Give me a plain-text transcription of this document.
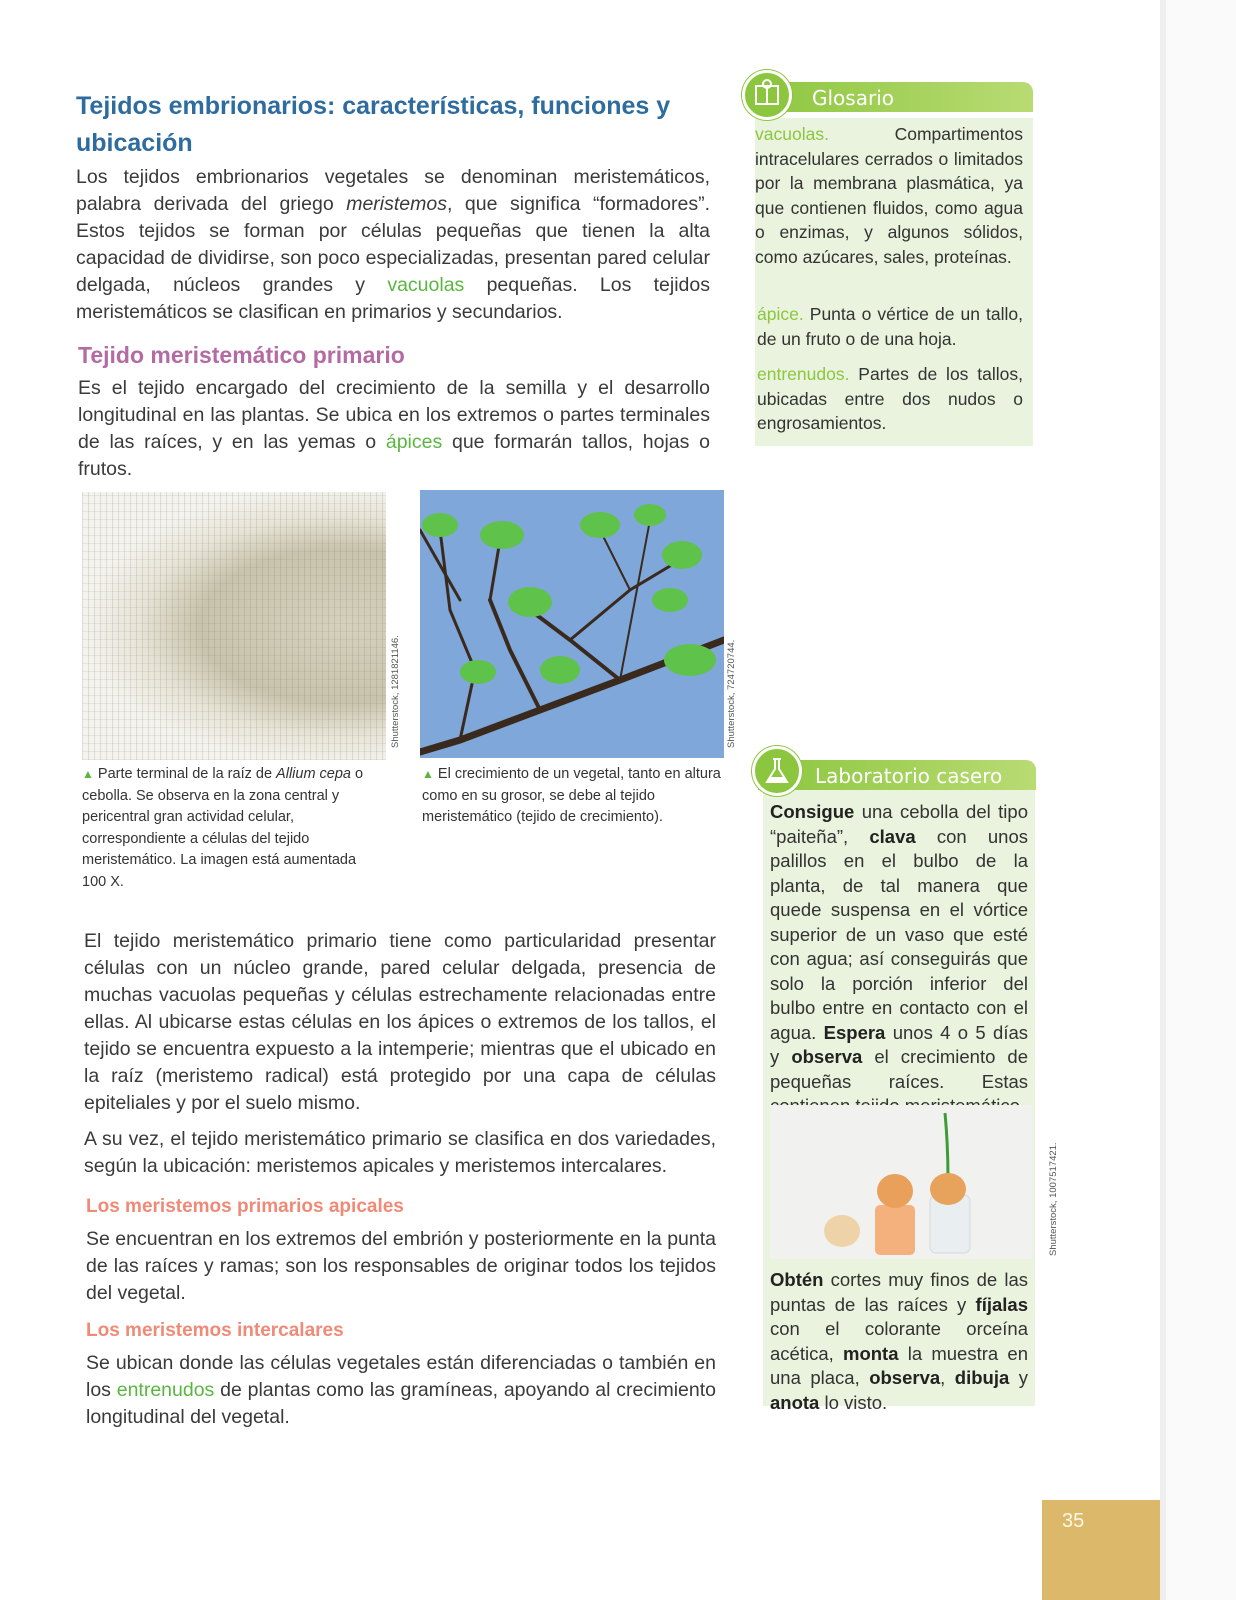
Tejidos embrionarios: características, funciones y ubicación

Los tejidos embrionarios vegetales se denominan meristemáticos, palabra derivada del griego meristemos, que significa “formadores”. Estos tejidos se forman por células pequeñas que tienen la alta capacidad de dividirse, son poco especializadas, presentan pared celular delgada, núcleos grandes y vacuolas pequeñas. Los tejidos meristemáticos se clasifican en primarios y secundarios.

Tejido meristemático primario

Es el tejido encargado del crecimiento de la semilla y el desarrollo longitudinal en las plantas. Se ubica en los extremos o partes terminales de las raíces, y en las yemas o ápices que formarán tallos, hojas o frutos.

Shutterstock, 1281821146.

▲ Parte terminal de la raíz de Allium cepa o cebolla. Se observa en la zona central y pericentral gran actividad celular, correspondiente a células del tejido meristemático. La imagen está aumentada 100 X.

Shutterstock, 724720744.

▲ El crecimiento de un vegetal, tanto en altura como en su grosor, se debe al tejido meristemático (tejido de crecimiento).

El tejido meristemático primario tiene como particularidad presentar células con un núcleo grande, pared celular delgada, presencia de muchas vacuolas pequeñas y células estrechamente relacionadas entre ellas. Al ubicarse estas células en los ápices o extremos de los tallos, el tejido se encuentra expuesto a la intemperie; mientras que el ubicado en la raíz (meristemo radical) está protegido por una capa de células epiteliales y por el suelo mismo.

A su vez, el tejido meristemático primario se clasifica en dos variedades, según la ubicación: meristemos apicales y meristemos intercalares.

Los meristemos primarios apicales

Se encuentran en los extremos del embrión y posteriormente en la punta de las raíces y ramas; son los responsables de originar todos los tejidos del vegetal.

Los meristemos intercalares

Se ubican donde las células vegetales están diferenciadas o también en los entrenudos de plantas como las gramíneas, apoyando al crecimiento longitudinal del vegetal.

Glosario

vacuolas. Compartimentos intracelulares cerrados o limitados por la membrana plasmática, ya que contienen fluidos, como agua o enzimas, y algunos sólidos, como azúcares, sales, proteínas.

ápice. Punta o vértice de un tallo, de un fruto o de una hoja.

entrenudos. Partes de los tallos, ubicadas entre dos nudos o engrosamientos.

Laboratorio casero

Consigue una cebolla del tipo “paiteña”, clava con unos palillos en el bulbo de la planta, de tal manera que quede suspensa en el vórtice superior de un vaso que esté con agua; así conseguirás que solo la porción inferior del bulbo entre en contacto con el agua. Espera unos 4 o 5 días y observa el crecimiento de pequeñas raíces. Estas

Shutterstock, 1007517421.

Obtén cortes muy finos de las puntas de las raíces y fíjalas con el colorante orceína acética, monta la muestra en una placa, observa, dibuja y anota lo visto.

35
